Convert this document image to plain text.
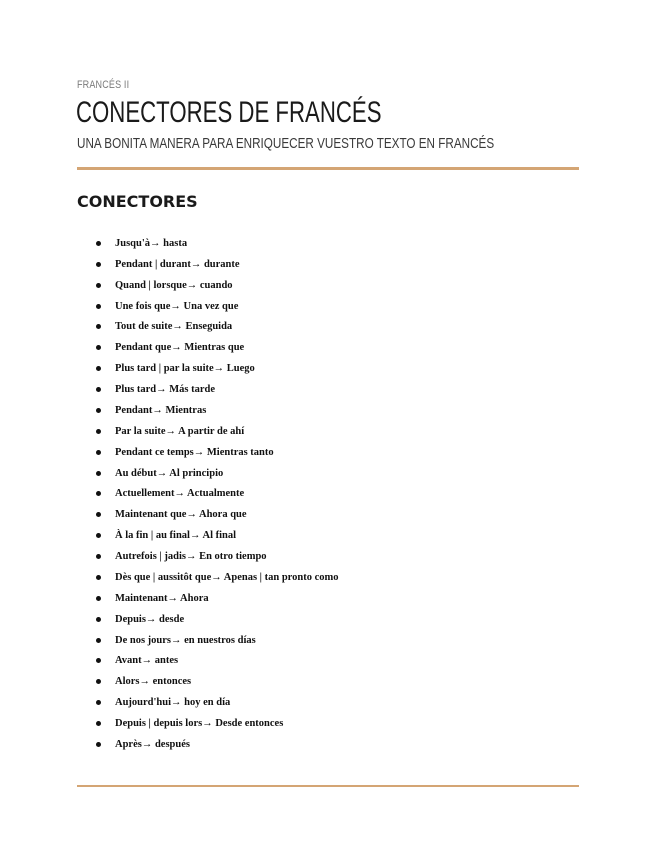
FRANCÉS II
CONECTORES DE FRANCÉS
UNA BONITA MANERA PARA ENRIQUECER VUESTRO TEXTO EN FRANCÉS
CONECTORES
Jusqu'à→ hasta
Pendant | durant→ durante
Quand | lorsque→ cuando
Une fois que→ Una vez que
Tout de suite→ Enseguida
Pendant que→ Mientras que
Plus tard | par la suite→ Luego
Plus tard→ Más tarde
Pendant→ Mientras
Par la suite→ A partir de ahí
Pendant ce temps→ Mientras tanto
Au début→ Al principio
Actuellement→ Actualmente
Maintenant que→ Ahora que
À la fin | au final→ Al final
Autrefois | jadis→ En otro tiempo
Dès que | aussitôt que→ Apenas | tan pronto como
Maintenant→ Ahora
Depuis→ desde
De nos jours→ en nuestros días
Avant→ antes
Alors→ entonces
Aujourd'hui→ hoy en día
Depuis | depuis lors→ Desde entonces
Après→ después
